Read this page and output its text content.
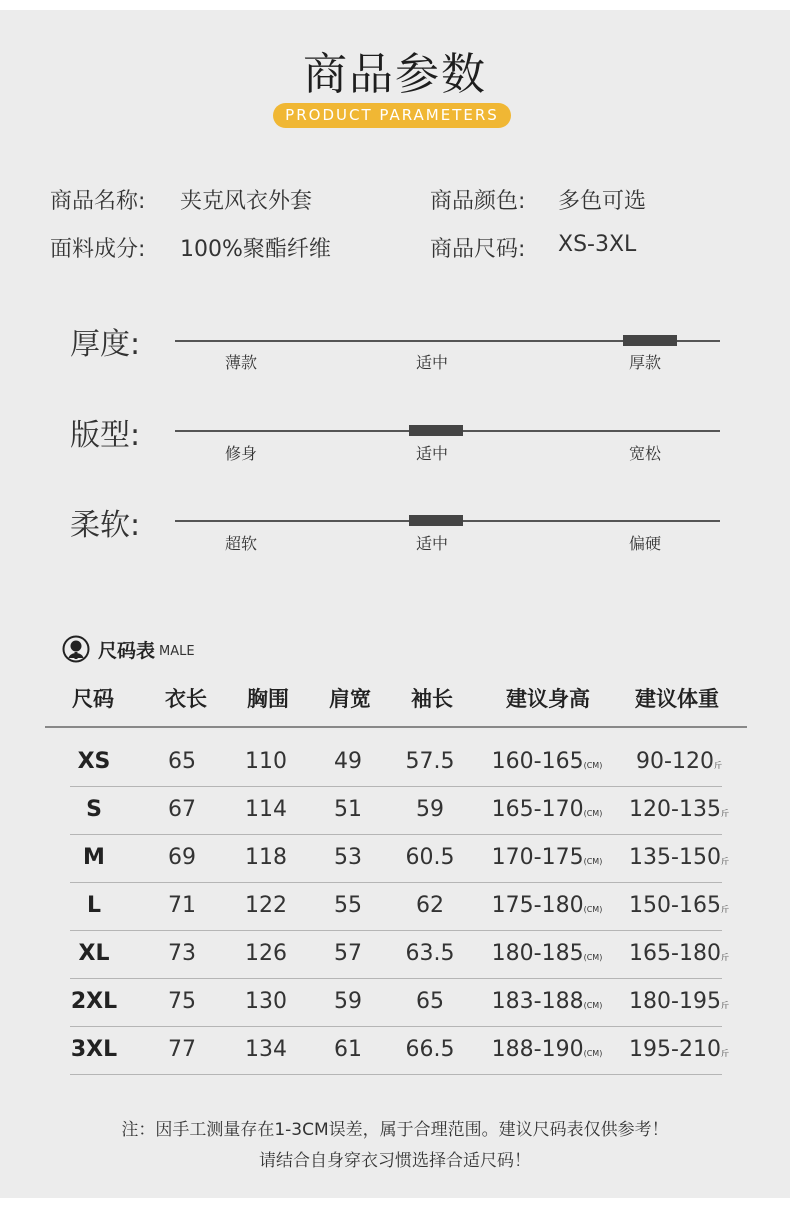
商品参数
PRODUCT PARAMETERS
商品名称: 夹克风衣外套	商品颜色: 多色可选
面料成分: 100%聚酯纤维	商品尺码: XS-3XL
厚度:
薄款	适中	厚款
版型:
修身	适中	宽松
柔软:
超软	适中	偏硬
尺码表 MALE
尺码 衣长 胸围 肩宽 袖长	建议身高 建议体重
XS	65 110 49 57.5 160-165(CM) 90-120斤
S	67 114 51 59 165-170(CM) 120-135斤
M	69 118 53 60.5 170-175(CM) 135-150斤
L	71 122 55 62 175-180(CM) 150-165斤
XL	73 126 57 63.5 180-185(CM) 165-180斤
2XL 75 130 59 65 183-188(CM) 180-195斤
3XL 77 134 61 66.5 188-190(CM) 195-210斤
注：因手工测量存在1-3CM误差，属于合理范围。建议尺码表仅供参考！
请结合自身穿衣习惯选择合适尺码！
